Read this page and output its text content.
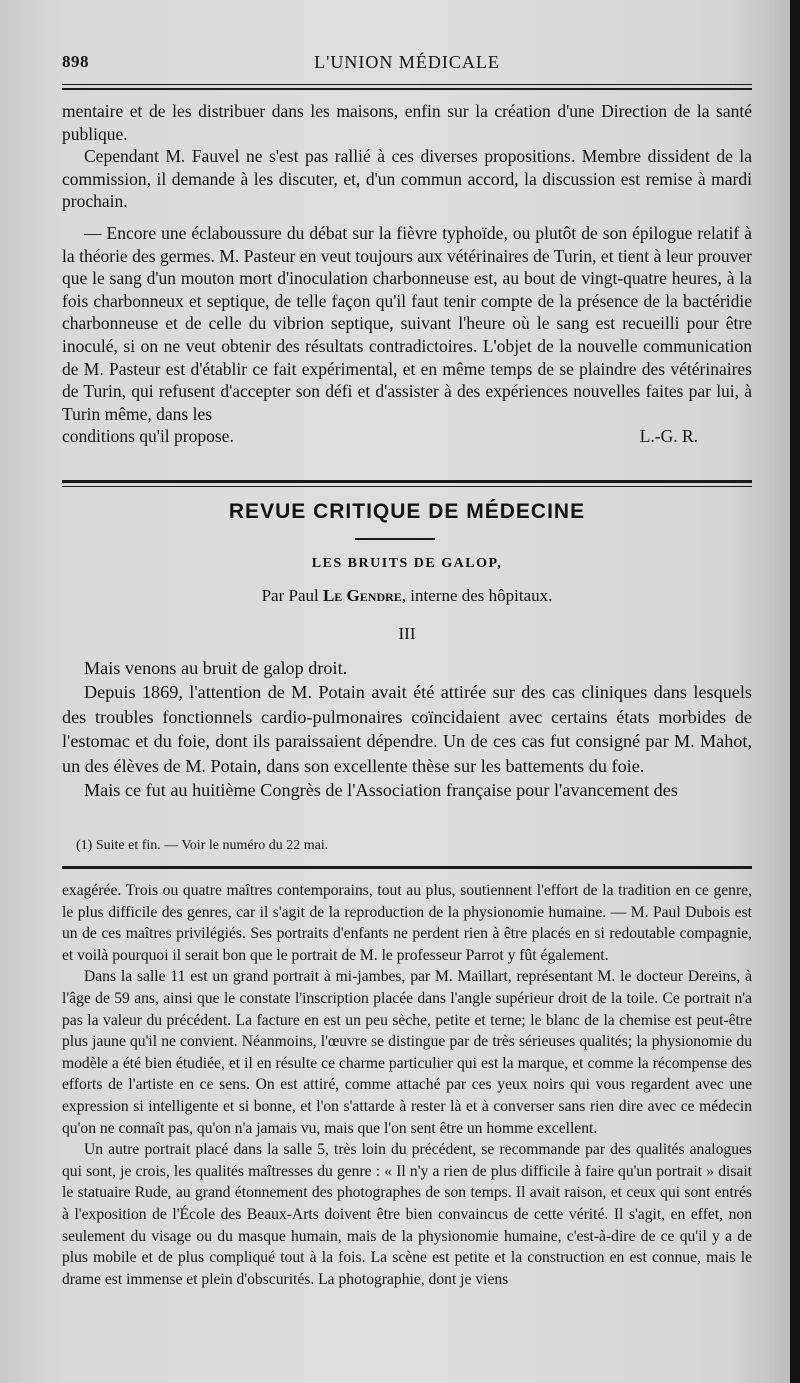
898	L'UNION MÉDICALE

mentaire et de les distribuer dans les maisons, enfin sur la création d'une Direction de la santé publique.

Cependant M. Fauvel ne s'est pas rallié à ces diverses propositions. Membre dissident de la commission, il demande à les discuter, et, d'un commun accord, la discussion est remise à mardi prochain.

— Encore une éclaboussure du débat sur la fièvre typhoïde, ou plutôt de son épilogue relatif à la théorie des germes. M. Pasteur en veut toujours aux vétérinaires de Turin, et tient à leur prouver que le sang d'un mouton mort d'inoculation charbonneuse est, au bout de vingt-quatre heures, à la fois charbonneux et septique, de telle façon qu'il faut tenir compte de la présence de la bactéridie charbonneuse et de celle du vibrion septique, suivant l'heure où le sang est recueilli pour être inoculé, si on ne veut obtenir des résultats contradictoires. L'objet de la nouvelle communication de M. Pasteur est d'établir ce fait expérimental, et en même temps de se plaindre des vétérinaires de Turin, qui refusent d'accepter son défi et d'assister à des expériences nouvelles faites par lui, à Turin même, dans les

conditions qu'il propose.	L.-G. R.
REVUE CRITIQUE DE MÉDECINE
LES BRUITS DE GALOP,
Par Paul Le Gendre, interne des hôpitaux.
III

Mais venons au bruit de galop droit.

Depuis 1869, l'attention de M. Potain avait été attirée sur des cas cliniques dans lesquels des troubles fonctionnels cardio-pulmonaires coïncidaient avec certains états morbides de l'estomac et du foie, dont ils paraissaient dépendre. Un de ces cas fut consigné par M. Mahot, un des élèves de M. Potain, dans son excellente thèse sur les battements du foie.

Mais ce fut au huitième Congrès de l'Association française pour l'avancement des

(1) Suite et fin. — Voir le numéro du 22 mai.

exagérée. Trois ou quatre maîtres contemporains, tout au plus, soutiennent l'effort de la tradition en ce genre, le plus difficile des genres, car il s'agit de la reproduction de la physionomie humaine. — M. Paul Dubois est un de ces maîtres privilégiés. Ses portraits d'enfants ne perdent rien à être placés en si redoutable compagnie, et voilà pourquoi il serait bon que le portrait de M. le professeur Parrot y fût également.

Dans la salle 11 est un grand portrait à mi-jambes, par M. Maillart, représentant M. le docteur Dereins, à l'âge de 59 ans, ainsi que le constate l'inscription placée dans l'angle supérieur droit de la toile. Ce portrait n'a pas la valeur du précédent. La facture en est un peu sèche, petite et terne; le blanc de la chemise est peut-être plus jaune qu'il ne convient. Néanmoins, l'œuvre se distingue par de très sérieuses qualités; la physionomie du modèle a été bien étudiée, et il en résulte ce charme particulier qui est la marque, et comme la récompense des efforts de l'artiste en ce sens. On est attiré, comme attaché par ces yeux noirs qui vous regardent avec une expression si intelligente et si bonne, et l'on s'attarde à rester là et à converser sans rien dire avec ce médecin qu'on ne connaît pas, qu'on n'a jamais vu, mais que l'on sent être un homme excellent.

Un autre portrait placé dans la salle 5, très loin du précédent, se recommande par des qualités analogues qui sont, je crois, les qualités maîtresses du genre : « Il n'y a rien de plus difficile à faire qu'un portrait » disait le statuaire Rude, au grand étonnement des photographes de son temps. Il avait raison, et ceux qui sont entrés à l'exposition de l'École des Beaux-Arts doivent être bien convaincus de cette vérité. Il s'agit, en effet, non seulement du visage ou du masque humain, mais de la physionomie humaine, c'est-à-dire de ce qu'il y a de plus mobile et de plus compliqué tout à la fois. La scène est petite et la construction en est connue, mais le drame est immense et plein d'obscurités. La photographie, dont je viens
